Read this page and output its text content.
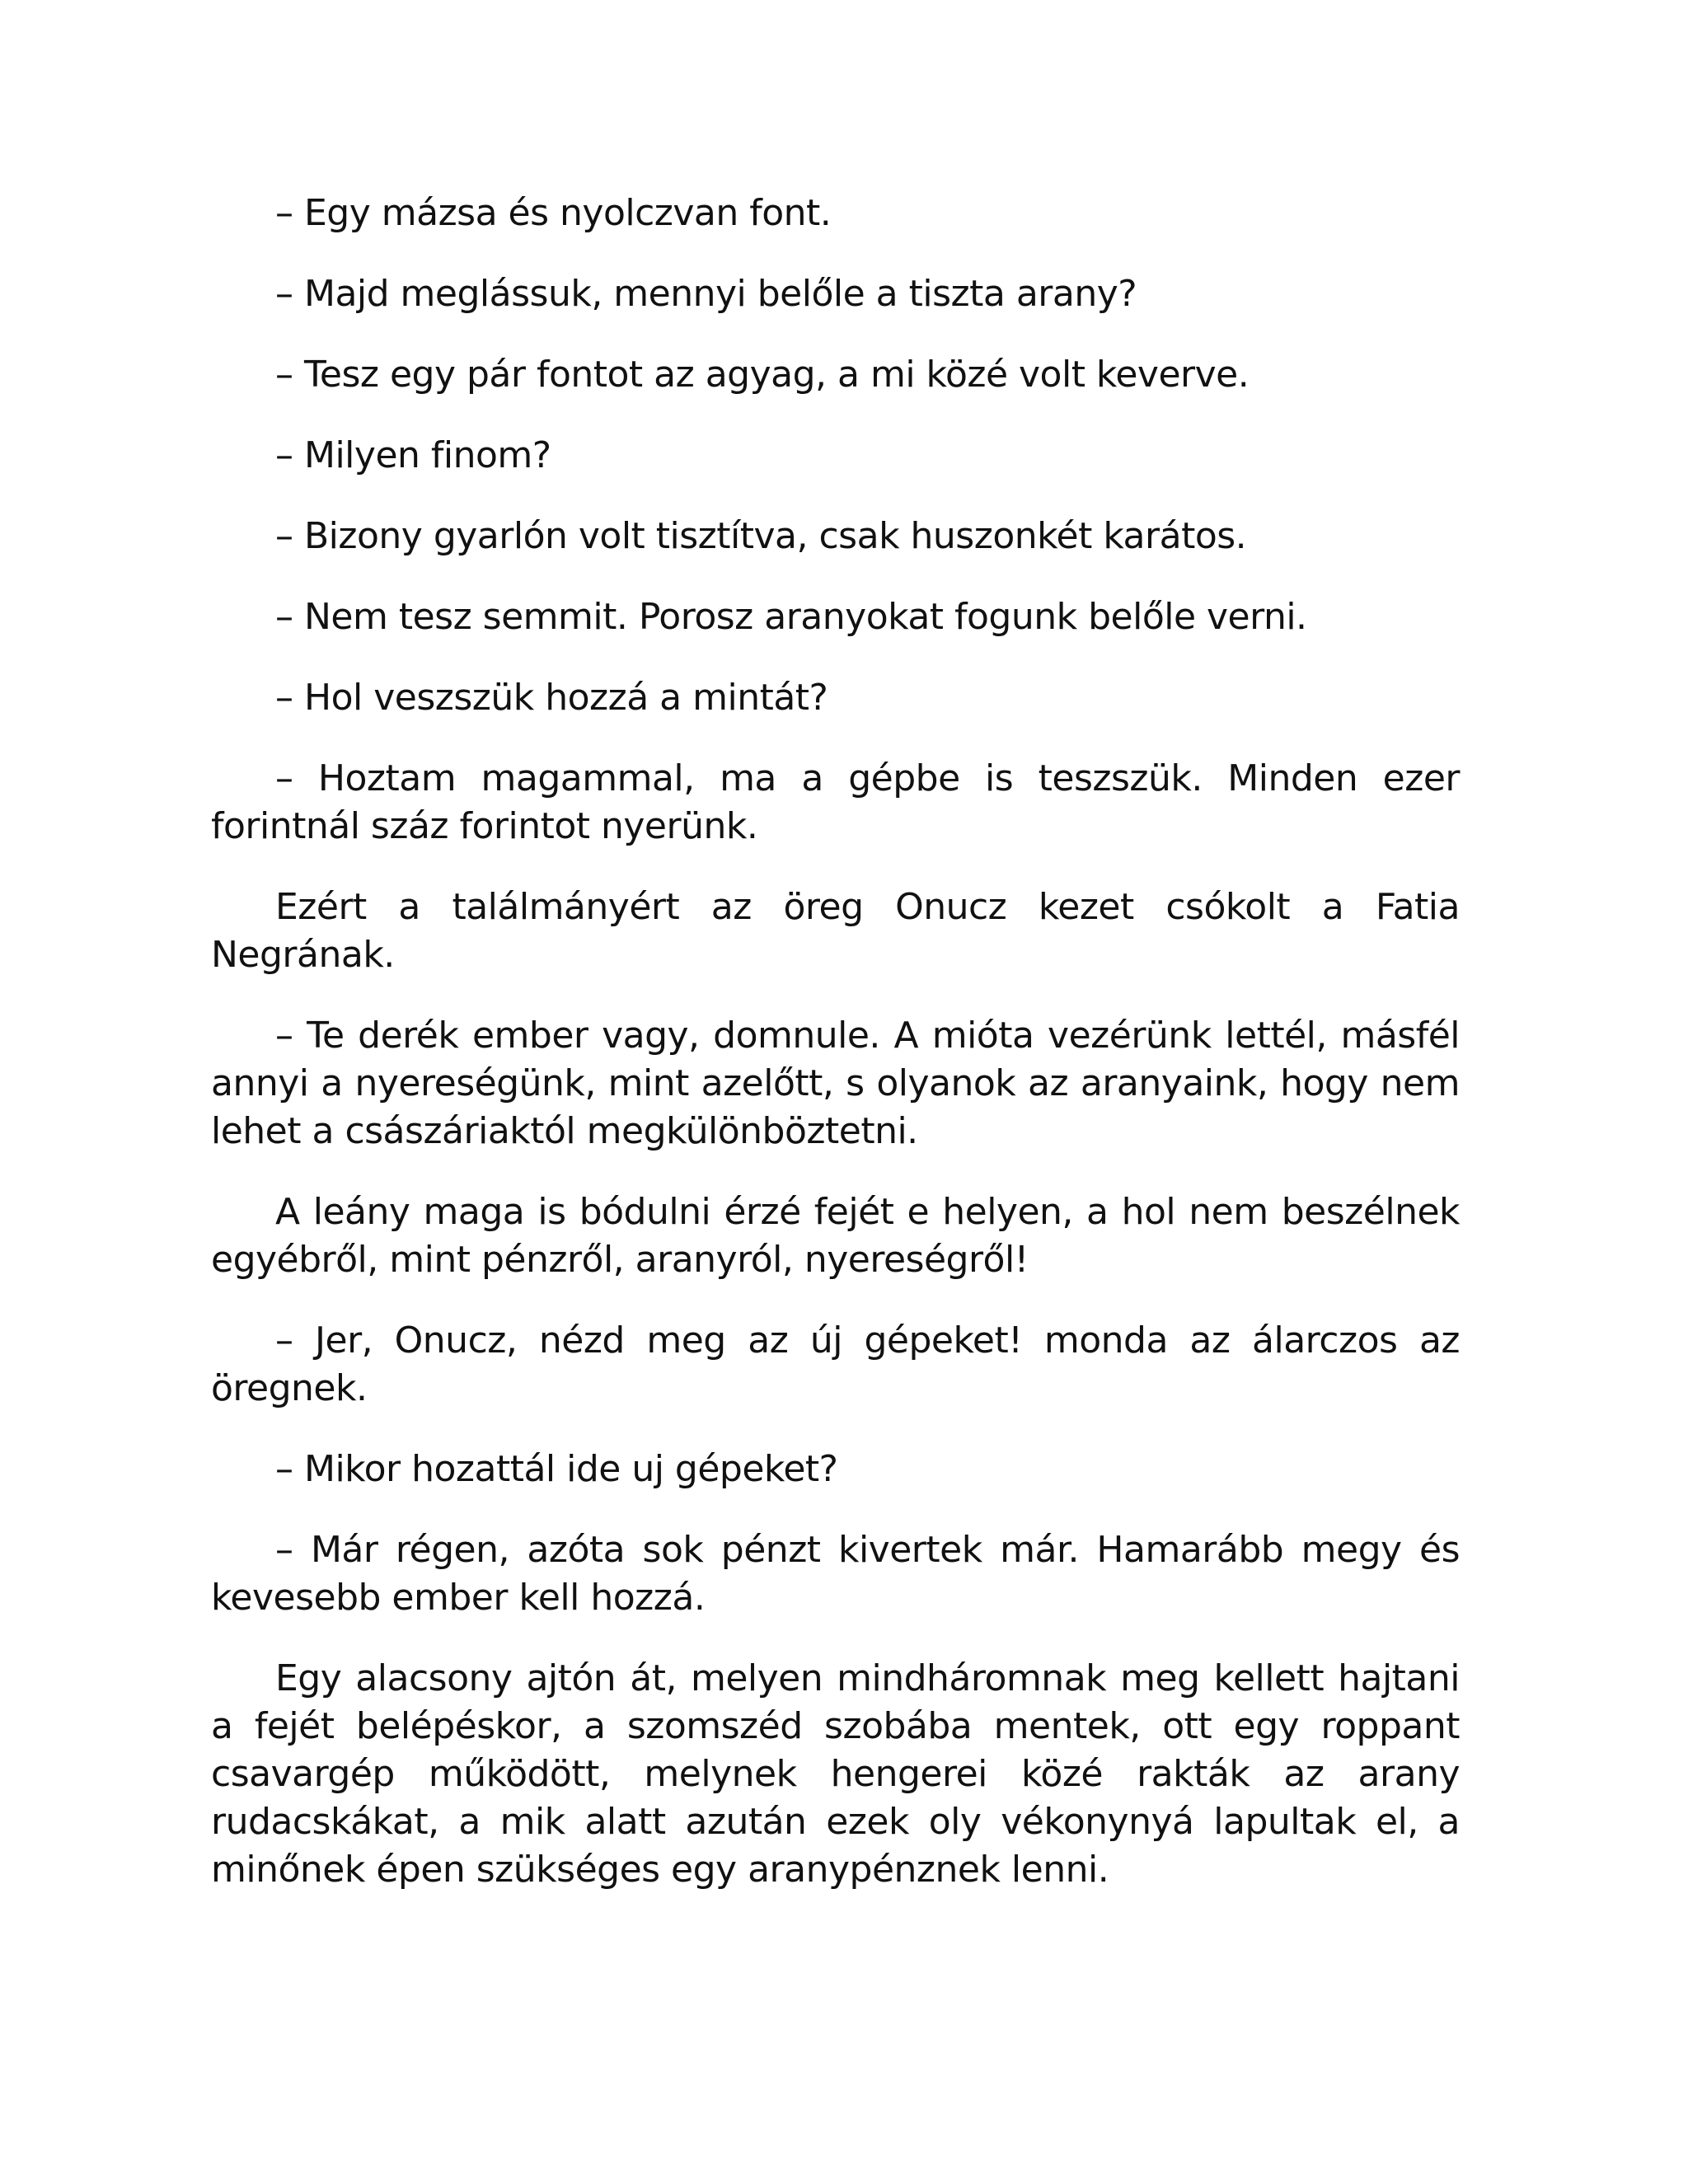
– Egy mázsa és nyolczvan font.

– Majd meglássuk, mennyi belőle a tiszta arany?

– Tesz egy pár fontot az agyag, a mi közé volt keverve.

– Milyen finom?

– Bizony gyarlón volt tisztítva, csak huszonkét karátos.

– Nem tesz semmit. Porosz aranyokat fogunk belőle verni.

– Hol veszszük hozzá a mintát?

– Hoztam magammal, ma a gépbe is teszszük. Minden ezer forintnál száz forintot nyerünk.

Ezért a találmányért az öreg Onucz kezet csókolt a Fatia Negrának.

– Te derék ember vagy, domnule. A mióta vezérünk lettél, másfél annyi a nyereségünk, mint azelőtt, s olyanok az aranyaink, hogy nem lehet a császáriaktól megkülönböztetni.

A leány maga is bódulni érzé fejét e helyen, a hol nem beszélnek egyébről, mint pénzről, aranyról, nyereségről!

– Jer, Onucz, nézd meg az új gépeket! monda az álarczos az öregnek.

– Mikor hozattál ide uj gépeket?

– Már régen, azóta sok pénzt kivertek már. Hamarább megy és kevesebb ember kell hozzá.

Egy alacsony ajtón át, melyen mindháromnak meg kellett hajtani a fejét belépéskor, a szomszéd szobába mentek, ott egy roppant csavargép működött, melynek hengerei közé rakták az arany rudacskákat, a mik alatt azután ezek oly vékonynyá lapultak el, a minőnek épen szükséges egy aranypénznek lenni.
